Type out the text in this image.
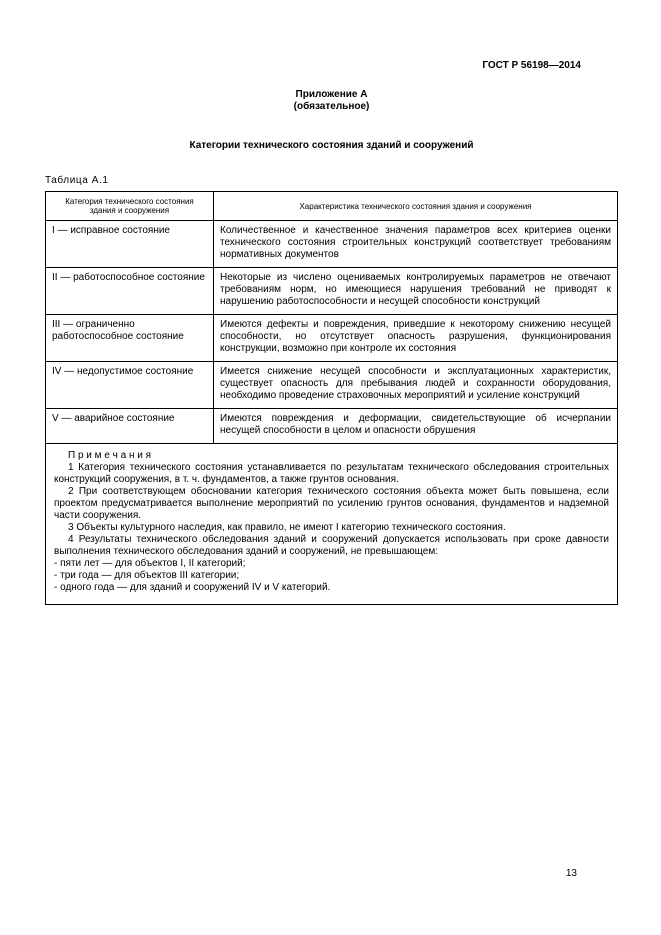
ГОСТ Р 56198—2014
Приложение А
(обязательное)
Категории технического состояния зданий и сооружений
Таблица А.1
Категория технического состояния здания и сооружения	Характеристика технического состояния здания и сооружения
I — исправное состояние	Количественное и качественное значения параметров всех критериев оценки технического состояния строительных конструкций соответствует требованиям нормативных документов
II — работоспособное состояние	Некоторые из числено оцениваемых контролируемых параметров не отвечают требованиям норм, но имеющиеся нарушения требований не приводят к нарушению работоспособности и несущей способности конструкций
III — ограниченно работоспособное состояние	Имеются дефекты и повреждения, приведшие к некоторому снижению несущей способности, но отсутствует опасность разрушения, функционирования конструкции, возможно при контроле их состояния
IV — недопустимое состояние	Имеется снижение несущей способности и эксплуатационных характеристик, существует опасность для пребывания людей и сохранности оборудования, необходимо проведение страховочных мероприятий и усиление конструкций
V — аварийное состояние	Имеются повреждения и деформации, свидетельствующие об исчерпании несущей способности в целом и опасности обрушения

П р и м е ч а н и я

1 Категория технического состояния устанавливается по результатам технического обследования строительных конструкций сооружения, в т. ч. фундаментов, а также грунтов основания.

2 При соответствующем обосновании категория технического состояния объекта может быть повышена, если проектом предусматривается выполнение мероприятий по усилению грунтов основания, фундаментов и надземной части сооружения.

3 Объекты культурного наследия, как правило, не имеют I категорию технического состояния.

4 Результаты технического обследования зданий и сооружений допускается использовать при сроке давности выполнения технического обследования зданий и сооружений, не превышающем:

- пяти лет — для объектов I, II категорий;

- три года — для объектов III категории;

- одного года — для зданий и сооружений IV и V категорий.

13
